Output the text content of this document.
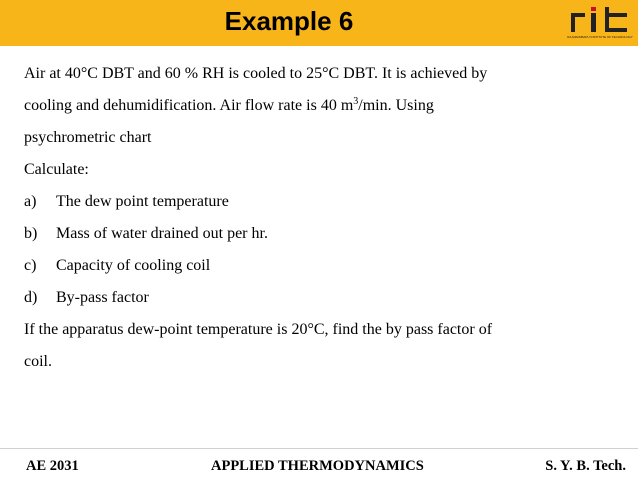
Example 6
RAJARAMBAPU INSTITUTE OF TECHNOLOGY
Air at 40°C DBT and 60 % RH is cooled to 25°C DBT. It is achieved by
cooling and dehumidification. Air flow rate is 40 $m^3/\min$. Using
psychrometric chart
Calculate:
a)	The dew point temperature
b)	Mass of water drained out per hr.
c)	Capacity of cooling coil
d)	By-pass factor
If the apparatus dew-point temperature is 20°C, find the by pass factor of
coil.
AE 2031	APPLIED THERMODYNAMICS	S. Y. B. Tech.
